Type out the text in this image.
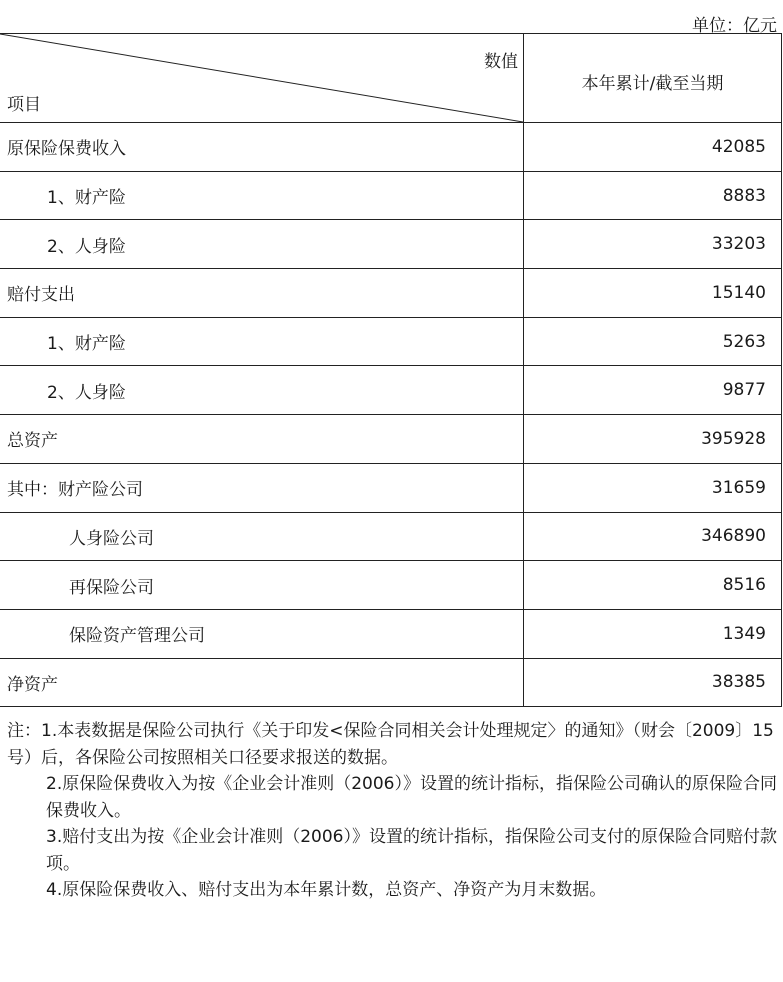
单位：亿元
数值
项目
本年累计/截至当期
原保险保费收入	42085
1、财产险	8883
2、人身险	33203
赔付支出	15140
1、财产险	5263
2、人身险	9877
总资产	395928
其中：财产险公司	31659
人身险公司	346890
再保险公司	8516
保险资产管理公司	1349
净资产	38385

注：1.本表数据是保险公司执行《关于印发<保险合同相关会计处理规定〉的通知》（财会〔2009〕15号）后，各保险公司按照相关口径要求报送的数据。

2.原保险保费收入为按《企业会计准则（2006）》设置的统计指标，指保险公司确认的原保险合同保费收入。

3.赔付支出为按《企业会计准则（2006）》设置的统计指标，指保险公司支付的原保险合同赔付款项。

4.原保险保费收入、赔付支出为本年累计数，总资产、净资产为月末数据。
